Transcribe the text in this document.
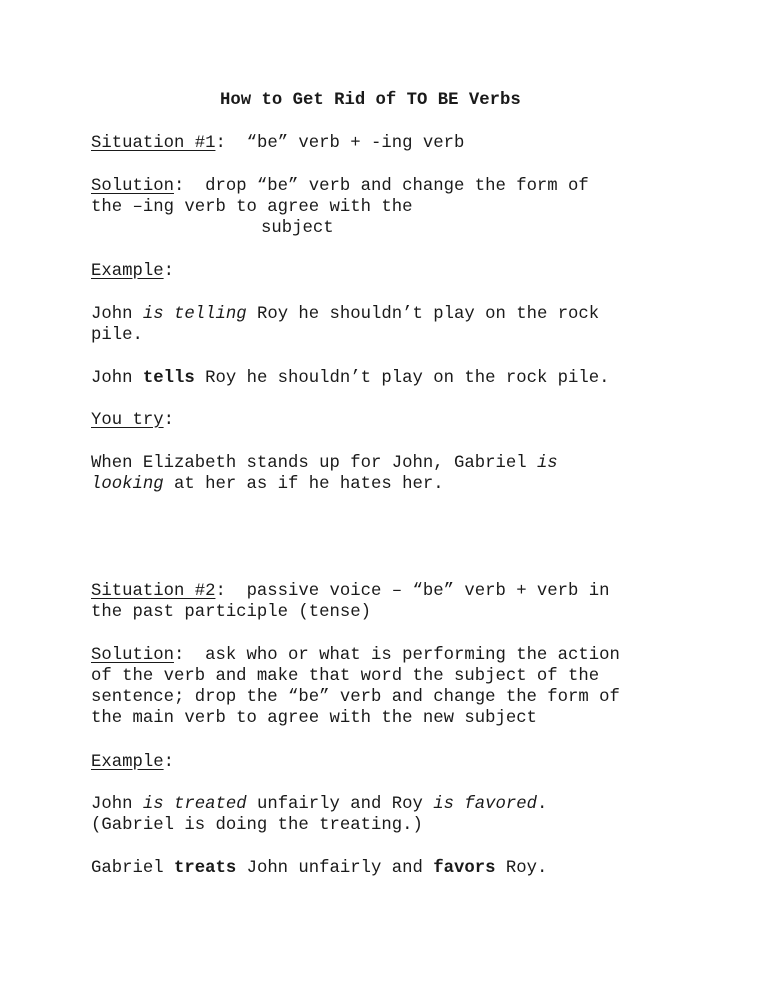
How to Get Rid of TO BE Verbs
Situation #1: “be” verb + -ing verb
Solution:  drop “be” verb and change the form of
the –ing verb to agree with the
subject
Example:
John is telling Roy he shouldn’t play on the rock
pile.
John tells Roy he shouldn’t play on the rock pile.
You try:
When Elizabeth stands up for John, Gabriel is
looking at her as if he hates her.
Situation #2:  passive voice – “be” verb + verb in
the past participle (tense)
Solution:  ask who or what is performing the action
of the verb and make that word the subject of the
sentence; drop the “be” verb and change the form of
the main verb to agree with the new subject
Example:
John is treated unfairly and Roy is favored.
(Gabriel is doing the treating.)
Gabriel treats John unfairly and favors Roy.
